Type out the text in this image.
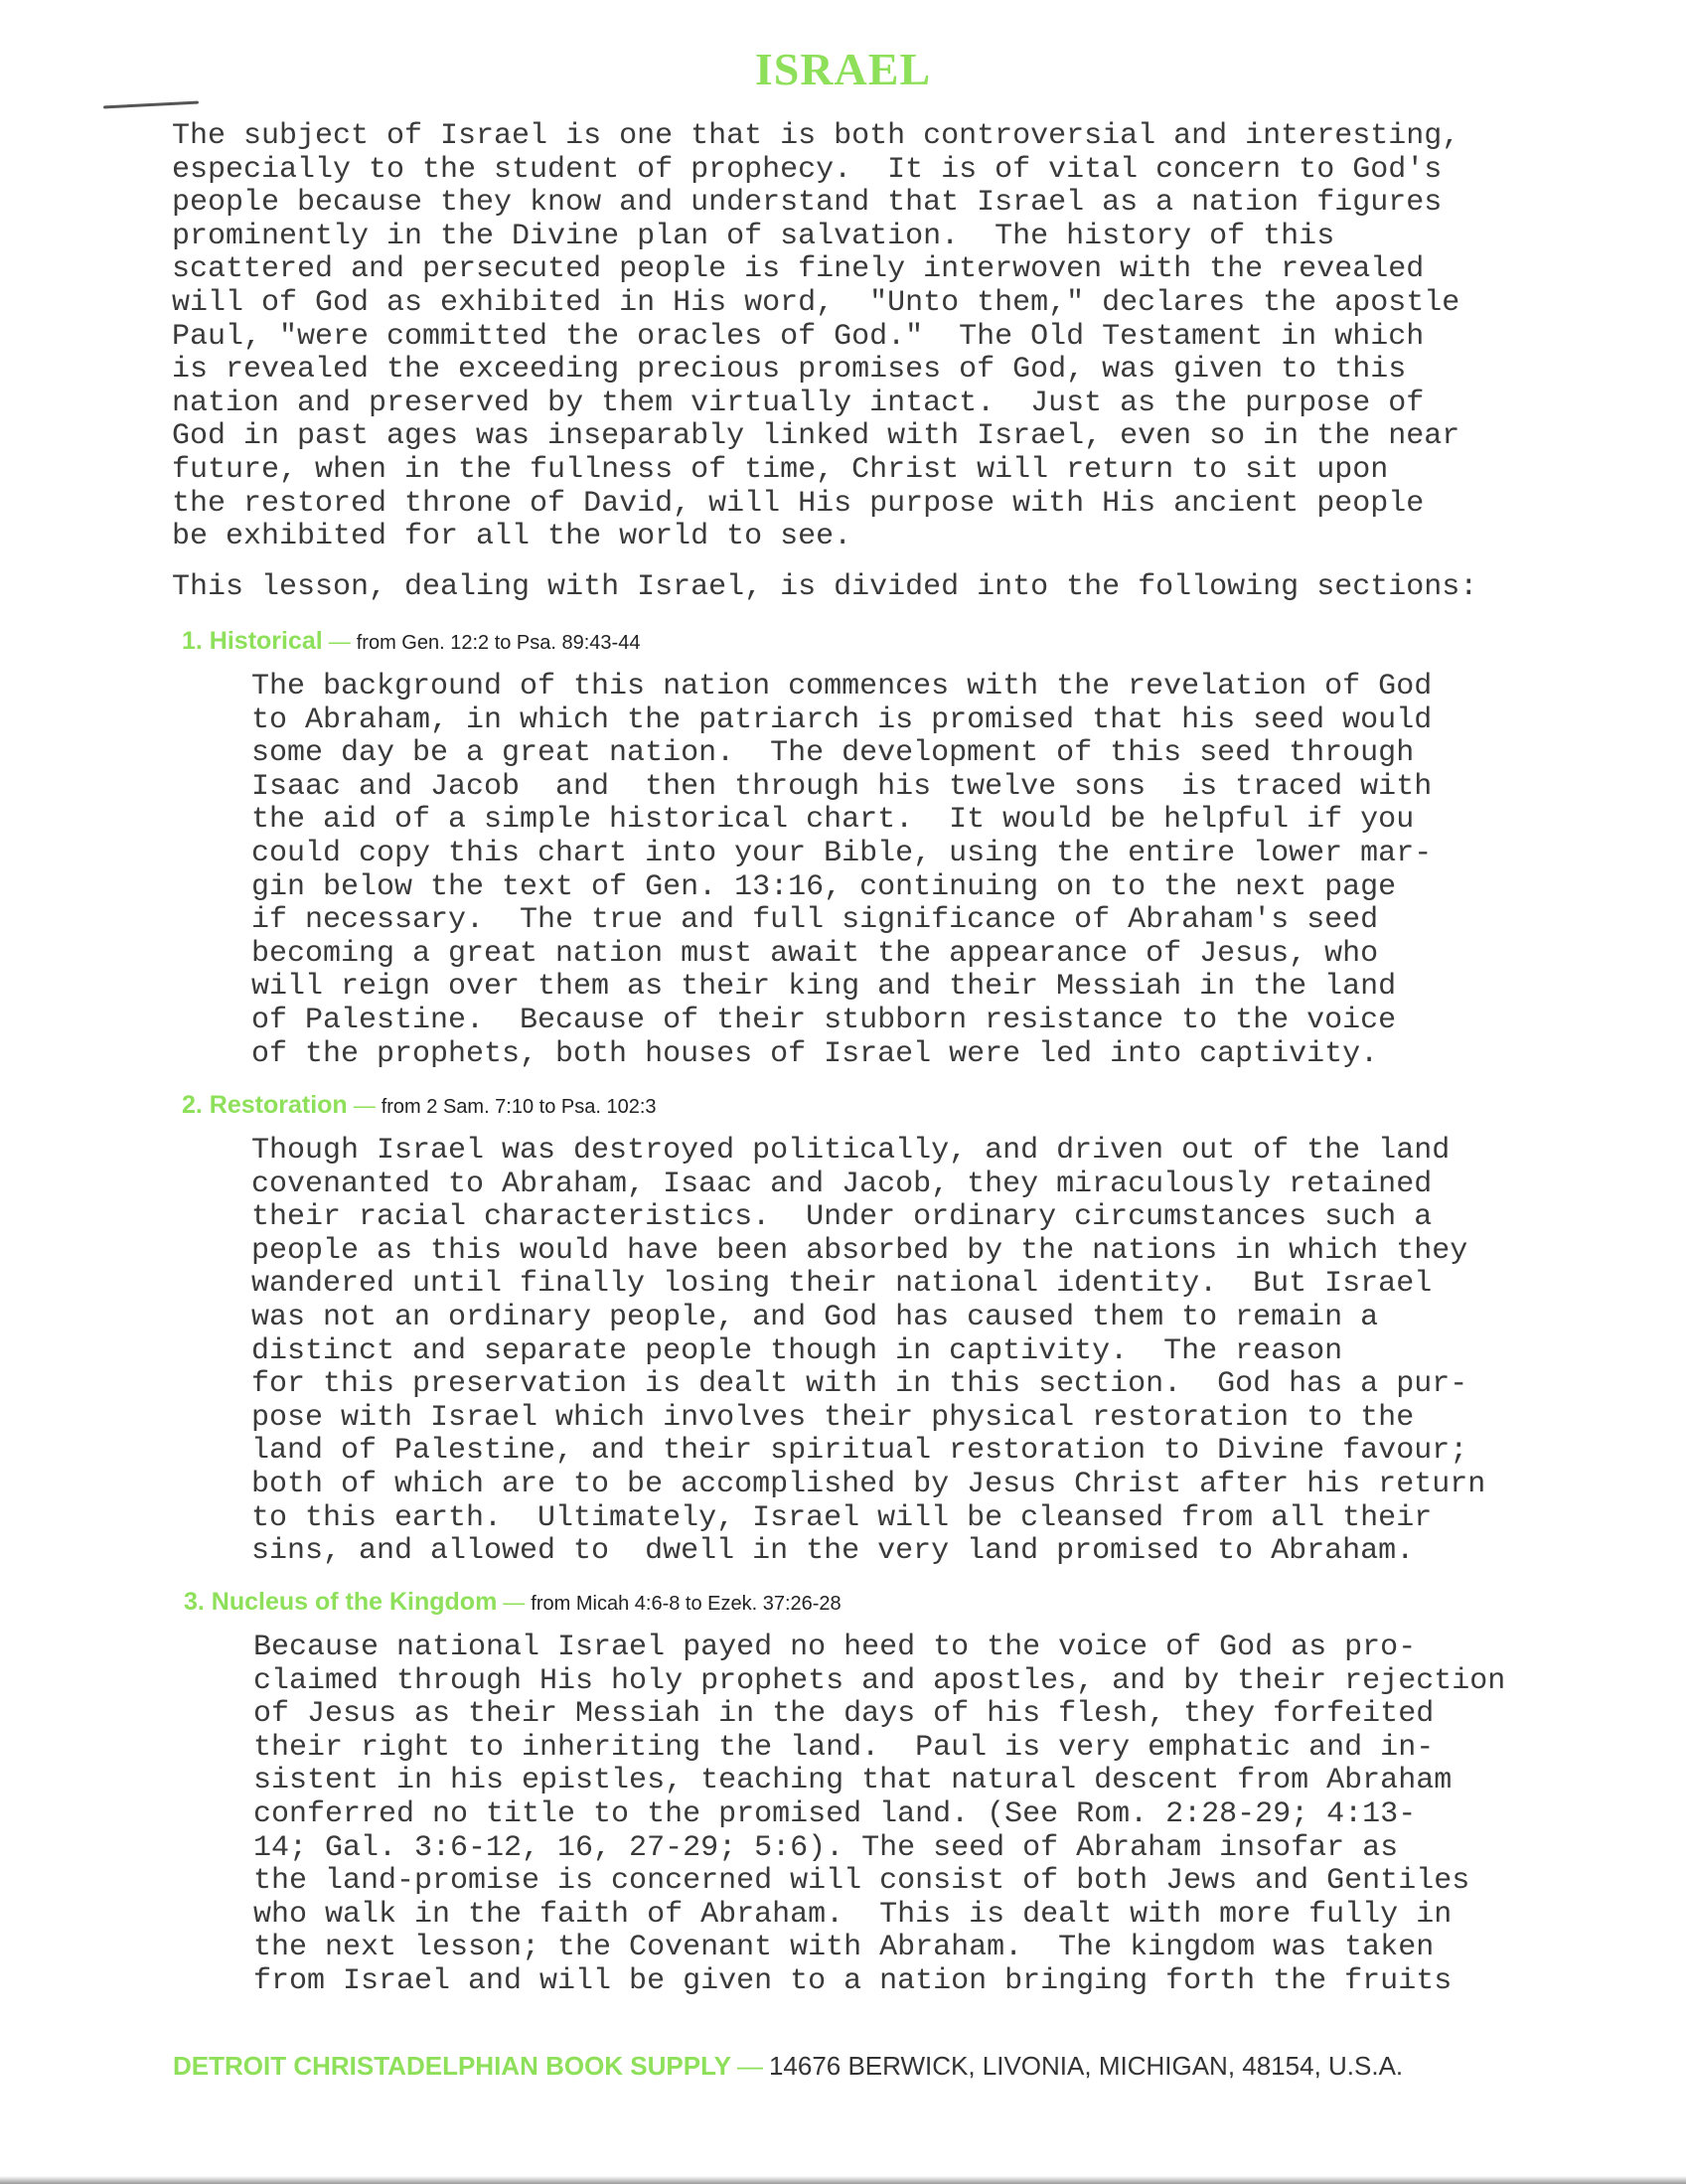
ISRAEL

The subject of Israel is one that is both controversial and interesting,
especially to the student of prophecy.  It is of vital concern to God's
people because they know and understand that Israel as a nation figures
prominently in the Divine plan of salvation.  The history of this
scattered and persecuted people is finely interwoven with the revealed
will of God as exhibited in His word,  "Unto them," declares the apostle
Paul, "were committed the oracles of God."  The Old Testament in which
is revealed the exceeding precious promises of God, was given to this
nation and preserved by them virtually intact.  Just as the purpose of
God in past ages was inseparably linked with Israel, even so in the near
future, when in the fullness of time, Christ will return to sit upon
the restored throne of David, will His purpose with His ancient people
be exhibited for all the world to see.

This lesson, dealing with Israel, is divided into the following sections:

1. Historical — from Gen. 12:2 to Psa. 89:43-44

The background of this nation commences with the revelation of God
to Abraham, in which the patriarch is promised that his seed would
some day be a great nation.  The development of this seed through
Isaac and Jacob  and  then through his twelve sons  is traced with
the aid of a simple historical chart.  It would be helpful if you
could copy this chart into your Bible, using the entire lower mar-
gin below the text of Gen. 13:16, continuing on to the next page
if necessary.  The true and full significance of Abraham's seed
becoming a great nation must await the appearance of Jesus, who
will reign over them as their king and their Messiah in the land
of Palestine.  Because of their stubborn resistance to the voice
of the prophets, both houses of Israel were led into captivity.

2. Restoration — from 2 Sam. 7:10 to Psa. 102:3

Though Israel was destroyed politically, and driven out of the land
covenanted to Abraham, Isaac and Jacob, they miraculously retained
their racial characteristics.  Under ordinary circumstances such a
people as this would have been absorbed by the nations in which they
wandered until finally losing their national identity.  But Israel
was not an ordinary people, and God has caused them to remain a
distinct and separate people though in captivity.  The reason
for this preservation is dealt with in this section.  God has a pur-
pose with Israel which involves their physical restoration to the
land of Palestine, and their spiritual restoration to Divine favour;
both of which are to be accomplished by Jesus Christ after his return
to this earth.  Ultimately, Israel will be cleansed from all their
sins, and allowed to  dwell in the very land promised to Abraham.

3. Nucleus of the Kingdom — from Micah 4:6-8 to Ezek. 37:26-28

Because national Israel payed no heed to the voice of God as pro-
claimed through His holy prophets and apostles, and by their rejection
of Jesus as their Messiah in the days of his flesh, they forfeited
their right to inheriting the land.  Paul is very emphatic and in-
sistent in his epistles, teaching that natural descent from Abraham
conferred no title to the promised land. (See Rom. 2:28-29; 4:13-
14; Gal. 3:6-12, 16, 27-29; 5:6). The seed of Abraham insofar as
the land-promise is concerned will consist of both Jews and Gentiles
who walk in the faith of Abraham.  This is dealt with more fully in
the next lesson; the Covenant with Abraham.  The kingdom was taken
from Israel and will be given to a nation bringing forth the fruits

DETROIT CHRISTADELPHIAN BOOK SUPPLY — 14676 BERWICK, LIVONIA, MICHIGAN, 48154, U.S.A.
